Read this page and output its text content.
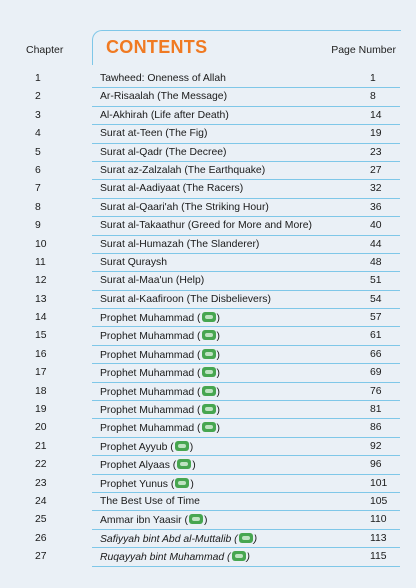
Chapter CONTENTS	Page Number
1	Tawheed: Oneness of Allah	1
2	Ar-Risaalah (The Message)	8
3	Al-Akhirah (Life after Death)	14
4	Surat at-Teen (The Fig)	19
5	Surat al-Qadr (The Decree)	23
6	Surat az-Zalzalah (The Earthquake)	27
7	Surat al-Aadiyaat (The Racers)	32
8	Surat al-Qaari'ah (The Striking Hour)	36
9	Surat al-Takaathur (Greed for More and More)	40
10	Surat al-Humazah (The Slanderer)	44
11	Surat Quraysh	48
12	Surat al-Maa'un (Help)	51
13	Surat al-Kaafiroon (The Disbelievers)	54
14	Prophet Muhammad ( )	57
15	Prophet Muhammad ( )	61
16	Prophet Muhammad ( )	66
17	Prophet Muhammad ( )	69
18	Prophet Muhammad ( )	76
19	Prophet Muhammad ( )	81
20	Prophet Muhammad ( )	86
21	Prophet Ayyub ( )	92
22	Prophet Alyaas ( )	96
23	Prophet Yunus ( )	101
24	The Best Use of Time	105
25	Ammar ibn Yaasir ( )	110
26	Safiyyah bint Abd al-Muttalib ( )	113
27	Ruqayyah bint Muhammad ( )	115
